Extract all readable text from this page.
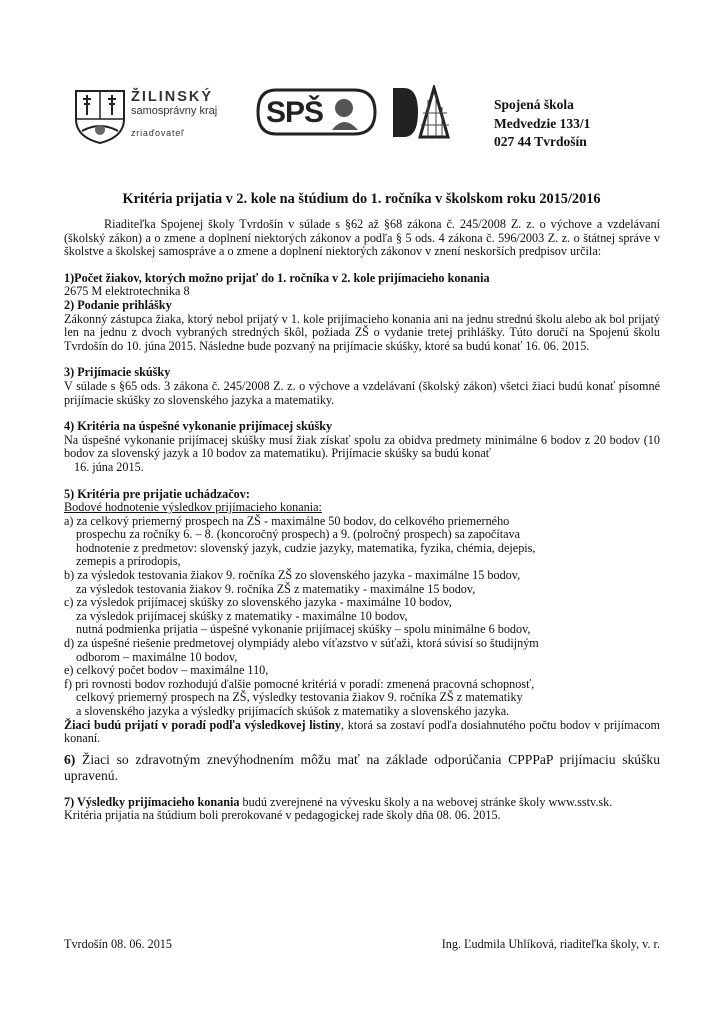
ŽILINSKÝ
samosprávny kraj
zriaďovateľ
SPŠ	Spojená škola
Medvedzie 133/1
027 44 Tvrdošín
Kritéria prijatia v 2. kole na štúdium do 1. ročníka v školskom roku 2015/2016

Riaditeľka Spojenej školy Tvrdošín v súlade s §62 až §68 zákona č. 245/2008 Z. z. o výchove a vzdelávaní (školský zákon) a o zmene a doplnení niektorých zákonov a podľa § 5 ods. 4 zákona č. 596/2003 Z. z. o štátnej správe v školstve a školskej samospráve a o zmene a doplnení niektorých zákonov v znení neskorších predpisov určila:

1)Počet žiakov, ktorých možno prijať do 1. ročníka v 2. kole prijímacieho konania

2675 M elektrotechnika 8

2) Podanie prihlášky

Zákonný zástupca žiaka, ktorý nebol prijatý v 1. kole prijímacieho konania ani na jednu strednú školu alebo ak bol prijatý len na jednu z dvoch vybraných stredných škôl, požiada ZŠ o vydanie tretej prihlášky. Túto doručí na Spojenú školu Tvrdošín do 10. júna 2015. Následne bude pozvaný na prijímacie skúšky, ktoré sa budú konať 16. 06. 2015.

3) Prijímacie skúšky

V súlade s §65 ods. 3 zákona č. 245/2008 Z. z. o výchove a vzdelávaní (školský zákon) všetci žiaci budú konať písomné prijímacie skúšky zo slovenského jazyka a matematiky.

4) Kritéria na úspešné vykonanie prijímacej skúšky

Na úspešné vykonanie prijímacej skúšky musí žiak získať spolu za obidva predmety minimálne 6 bodov z 20 bodov (10 bodov za slovenský jazyk a 10 bodov za matematiku). Prijímacie skúšky sa budú konať

16. júna 2015.

5) Kritéria pre prijatie uchádzačov:

Bodové hodnotenie výsledkov prijímacieho konania:

a) za celkový priemerný prospech na ZŠ - maximálne 50 bodov, do celkového priemerného

prospechu za ročníky 6. – 8. (koncoročný prospech) a 9. (polročný prospech) sa započítava

hodnotenie z predmetov: slovenský jazyk, cudzie jazyky, matematika, fyzika, chémia, dejepis,

zemepis a prírodopis,

b) za výsledok testovania žiakov 9. ročníka ZŠ zo slovenského jazyka - maximálne 15 bodov,

za výsledok testovania žiakov 9. ročníka ZŠ z matematiky - maximálne 15 bodov,

c) za výsledok prijímacej skúšky zo slovenského jazyka - maximálne 10 bodov,

za výsledok prijímacej skúšky z matematiky - maximálne 10 bodov,

nutná podmienka prijatia – úspešné vykonanie prijímacej skúšky – spolu minimálne 6 bodov,

d) za úspešné riešenie predmetovej olympiády alebo víťazstvo v súťaži, ktorá súvisí so študijným

odborom – maximálne 10 bodov,

e) celkový počet bodov – maximálne 110,

f) pri rovnosti bodov rozhodujú ďalšie pomocné kritériá v poradí: zmenená pracovná schopnosť,

celkový priemerný prospech na ZŠ, výsledky testovania žiakov 9. ročníka ZŠ z matematiky

a slovenského jazyka a výsledky prijímacích skúšok z matematiky a slovenského jazyka.

Žiaci budú prijatí v poradí podľa výsledkovej listiny, ktorá sa zostaví podľa dosiahnutého počtu bodov v prijímacom konaní.

6) Žiaci so zdravotným znevýhodnením môžu mať na základe odporúčania CPPPaP prijímaciu skúšku upravenú.

7) Výsledky prijímacieho konania budú zverejnené na vývesku školy a na webovej stránke školy www.sstv.sk.

Kritéria prijatia na štúdium boli prerokované v pedagogickej rade školy dňa 08. 06. 2015.

Tvrdošín 08. 06. 2015	Ing. Ľudmila Uhlíková, riaditeľka školy, v. r.
